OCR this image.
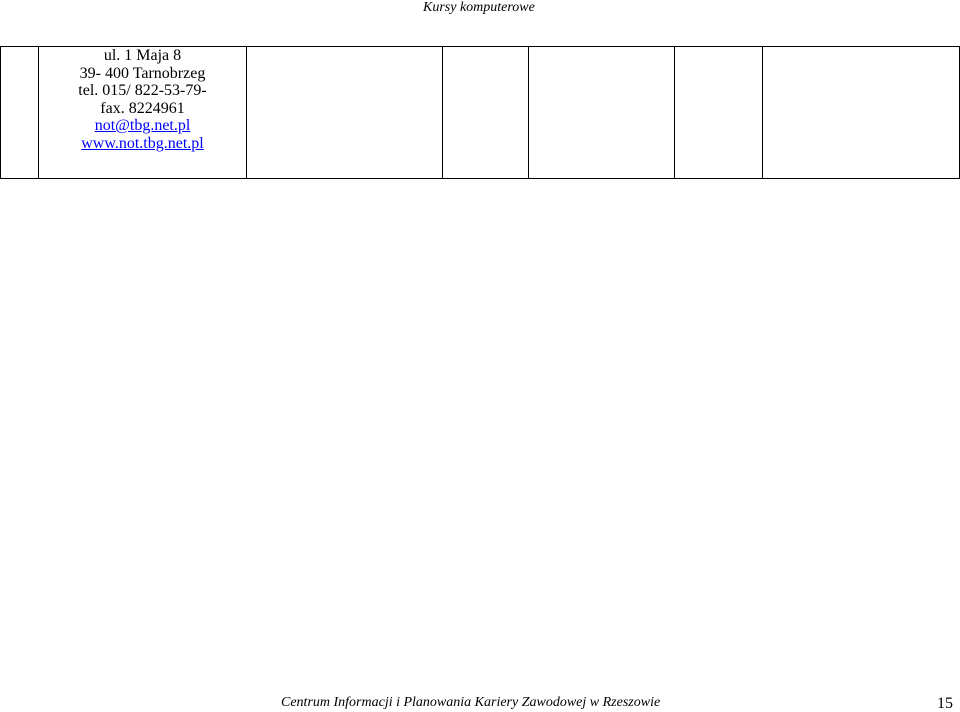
Kursy komputerowe

ul. 1 Maja 8
39- 400 Tarnobrzeg
tel. 015/ 822-53-79-
fax. 8224961
not@tbg.net.pl
www.not.tbg.net.pl

Centrum Informacji i Planowania Kariery Zawodowej w Rzeszowie	15
